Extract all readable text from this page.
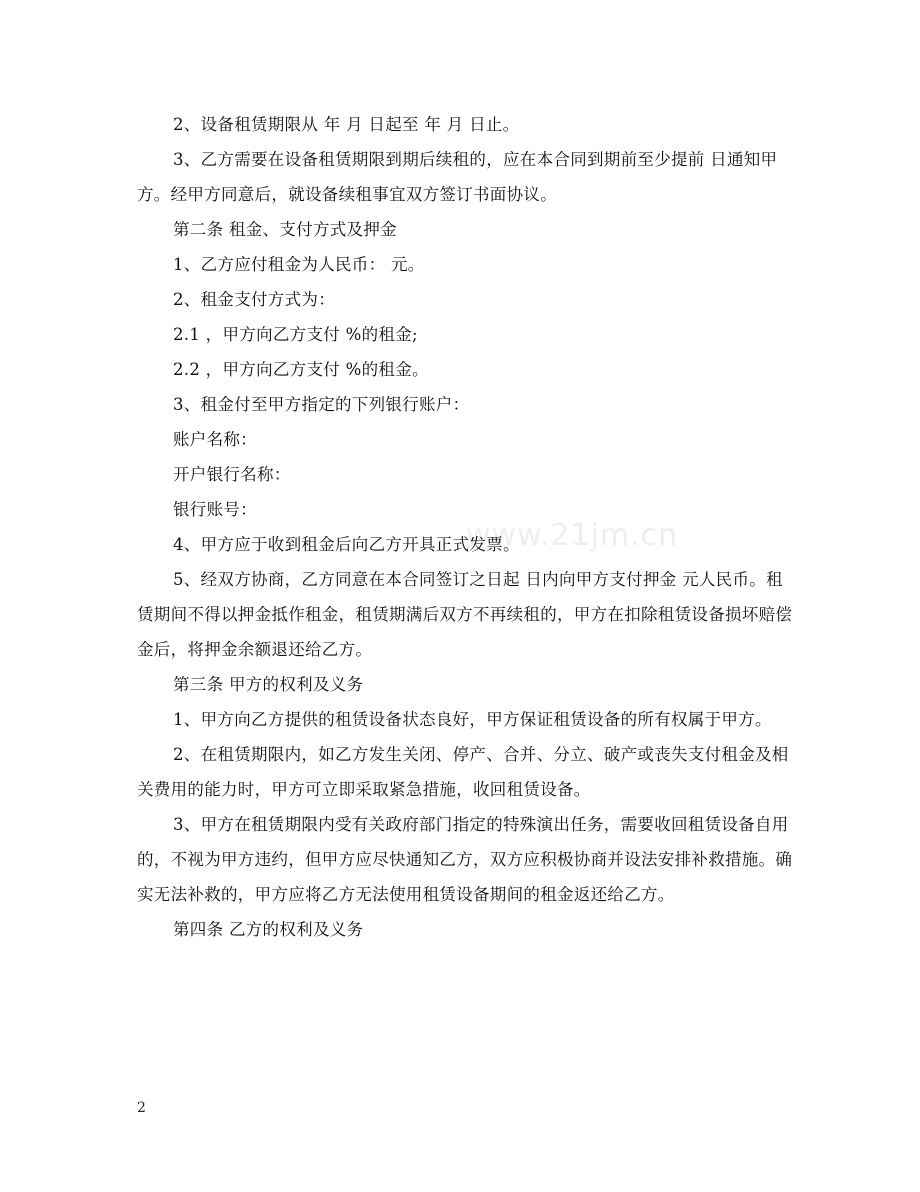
www.21jm.cn

2、设备租赁期限从 年 月 日起至 年 月 日止。

3、乙方需要在设备租赁期限到期后续租的，应在本合同到期前至少提前 日通知甲方。经甲方同意后，就设备续租事宜双方签订书面协议。

第二条 租金、支付方式及押金

1、乙方应付租金为人民币： 元。

2、租金支付方式为：

2.1 ，甲方向乙方支付 %的租金;

2.2 ，甲方向乙方支付 %的租金。

3、租金付至甲方指定的下列银行账户：

账户名称：

开户银行名称：

银行账号：

4、甲方应于收到租金后向乙方开具正式发票。

5、经双方协商，乙方同意在本合同签订之日起 日内向甲方支付押金 元人民币。租赁期间不得以押金抵作租金，租赁期满后双方不再续租的，甲方在扣除租赁设备损坏赔偿金后，将押金余额退还给乙方。

第三条 甲方的权利及义务

1、甲方向乙方提供的租赁设备状态良好，甲方保证租赁设备的所有权属于甲方。

2、在租赁期限内，如乙方发生关闭、停产、合并、分立、破产或丧失支付租金及相关费用的能力时，甲方可立即采取紧急措施，收回租赁设备。

3、甲方在租赁期限内受有关政府部门指定的特殊演出任务，需要收回租赁设备自用的，不视为甲方违约，但甲方应尽快通知乙方，双方应积极协商并设法安排补救措施。确实无法补救的，甲方应将乙方无法使用租赁设备期间的租金返还给乙方。

第四条 乙方的权利及义务

2
